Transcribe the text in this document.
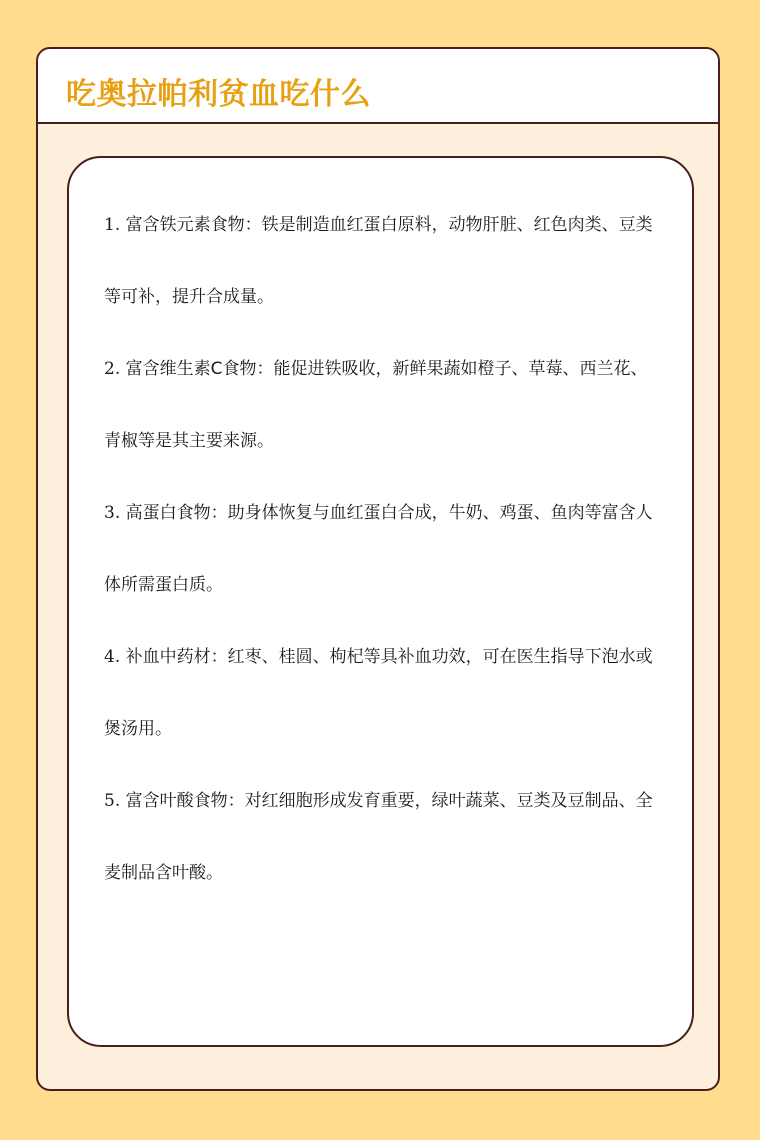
吃奥拉帕利贫血吃什么
1. 富含铁元素食物：铁是制造血红蛋白原料，动物肝脏、红色肉类、豆类等可补，提升合成量。
2. 富含维生素C食物：能促进铁吸收，新鲜果蔬如橙子、草莓、西兰花、青椒等是其主要来源。
3. 高蛋白食物：助身体恢复与血红蛋白合成，牛奶、鸡蛋、鱼肉等富含人体所需蛋白质。
4. 补血中药材：红枣、桂圆、枸杞等具补血功效，可在医生指导下泡水或煲汤用。
5. 富含叶酸食物：对红细胞形成发育重要，绿叶蔬菜、豆类及豆制品、全麦制品含叶酸。
